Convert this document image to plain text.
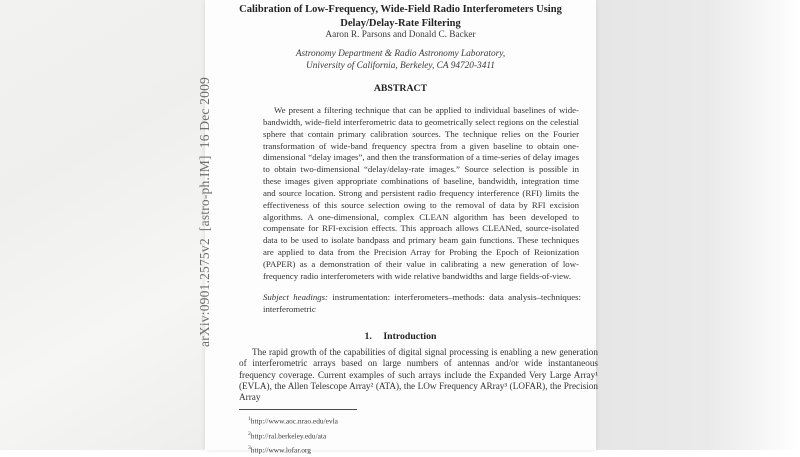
Calibration of Low-Frequency, Wide-Field Radio Interferometers Using
Delay/Delay-Rate Filtering
Aaron R. Parsons and Donald C. Backer
Astronomy Department & Radio Astronomy Laboratory,
University of California, Berkeley, CA 94720-3411
ABSTRACT
We present a filtering technique that can be applied to individual baselines of wide-bandwidth, wide-field interferometric data to geometrically select regions on the celestial sphere that contain primary calibration sources. The technique relies on the Fourier transformation of wide-band frequency spectra from a given baseline to obtain one-dimensional “delay images”, and then the transformation of a time-series of delay images to obtain two-dimensional “delay/delay-rate images.” Source selection is possible in these images given appropriate combinations of baseline, bandwidth, integration time and source location. Strong and persistent radio frequency interference (RFI) limits the effectiveness of this source selection owing to the removal of data by RFI excision algorithms. A one-dimensional, complex CLEAN algorithm has been developed to compensate for RFI-excision effects. This approach allows CLEANed, source-isolated data to be used to isolate bandpass and primary beam gain functions. These techniques are applied to data from the Precision Array for Probing the Epoch of Reionization (PAPER) as a demonstration of their value in calibrating a new generation of low-frequency radio interferometers with wide relative bandwidths and large fields-of-view.
Subject headings: instrumentation: interferometers–methods: data analysis–techniques: interferometric
1. Introduction
The rapid growth of the capabilities of digital signal processing is enabling a new generation of interferometric arrays based on large numbers of antennas and/or wide instantaneous frequency coverage. Current examples of such arrays include the Expanded Very Large Array¹ (EVLA), the Allen Telescope Array² (ATA), the LOw Frequency ARray³ (LOFAR), the Precision Array
$^1$http://www.aoc.nrao.edu/evla
$^2$http://ral.berkeley.edu/ata
$^3$http://www.lofar.org
arXiv:0901.2575v2  [astro-ph.IM]  16 Dec 2009
